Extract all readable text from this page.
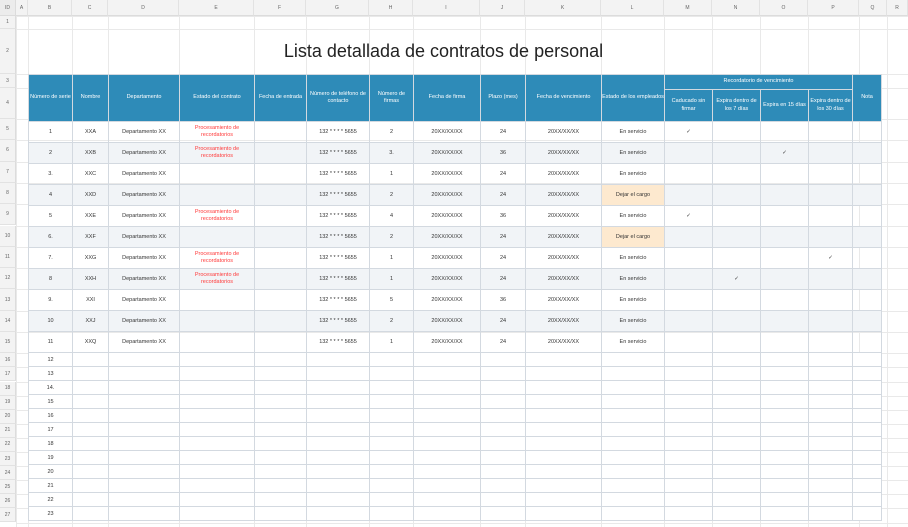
ID	A	B	C	D	E	F	G	H	I	J	K	L	M	N	O	P	Q	R
1
2
3
4
5
6
7
8
9
10
11
12
13
14
15
16
17
18
19
20
21
22
23
24
25
26
27
Lista detallada de contratos de personal
Número de serie	Nombre	Departamento	Estado del contrato	Fecha de entrada	Número de teléfono de contacto	Número de firmas	Fecha de firma	Plazo (mes)	Fecha de vencimiento	Estado de los empleados	Recordatorio de vencimiento				Nota
											Caducado sin firmar	Expira dentro de los 7 días	Expira en 15 días	Expira dentro de los 30 días	
1	XXA	Departamento XX	Procesamiento de recordatorios		132 * * * * 5655	2	20XX/XX/XX	24	20XX/XX/XX	En servicio	✓				
2	XXB	Departamento XX	Procesamiento de recordatorios		132 * * * * 5655	3.	20XX/XX/XX	36	20XX/XX/XX	En servicio			✓		
3.	XXC	Departamento XX			132 * * * * 5655	1	20XX/XX/XX	24	20XX/XX/XX	En servicio					
4	XXD	Departamento XX			132 * * * * 5655	2	20XX/XX/XX	24	20XX/XX/XX	Dejar el cargo					
5	XXE	Departamento XX	Procesamiento de recordatorios		132 * * * * 5655	4	20XX/XX/XX	36	20XX/XX/XX	En servicio	✓				
6.	XXF	Departamento XX			132 * * * * 5655	2	20XX/XX/XX	24	20XX/XX/XX	Dejar el cargo					
7.	XXG	Departamento XX	Procesamiento de recordatorios		132 * * * * 5655	1	20XX/XX/XX	24	20XX/XX/XX	En servicio				✓	
8	XXH	Departamento XX	Procesamiento de recordatorios		132 * * * * 5655	1	20XX/XX/XX	24	20XX/XX/XX	En servicio		✓			
9.	XXI	Departamento XX			132 * * * * 5655	5	20XX/XX/XX	36	20XX/XX/XX	En servicio					
10	XXJ	Departamento XX			132 * * * * 5655	2	20XX/XX/XX	24	20XX/XX/XX	En servicio					
11	XXQ	Departamento XX			132 * * * * 5655	1	20XX/XX/XX	24	20XX/XX/XX	En servicio					
12															
13															
14.															
15															
16															
17															
18															
19															
20															
21															
22															
23															
